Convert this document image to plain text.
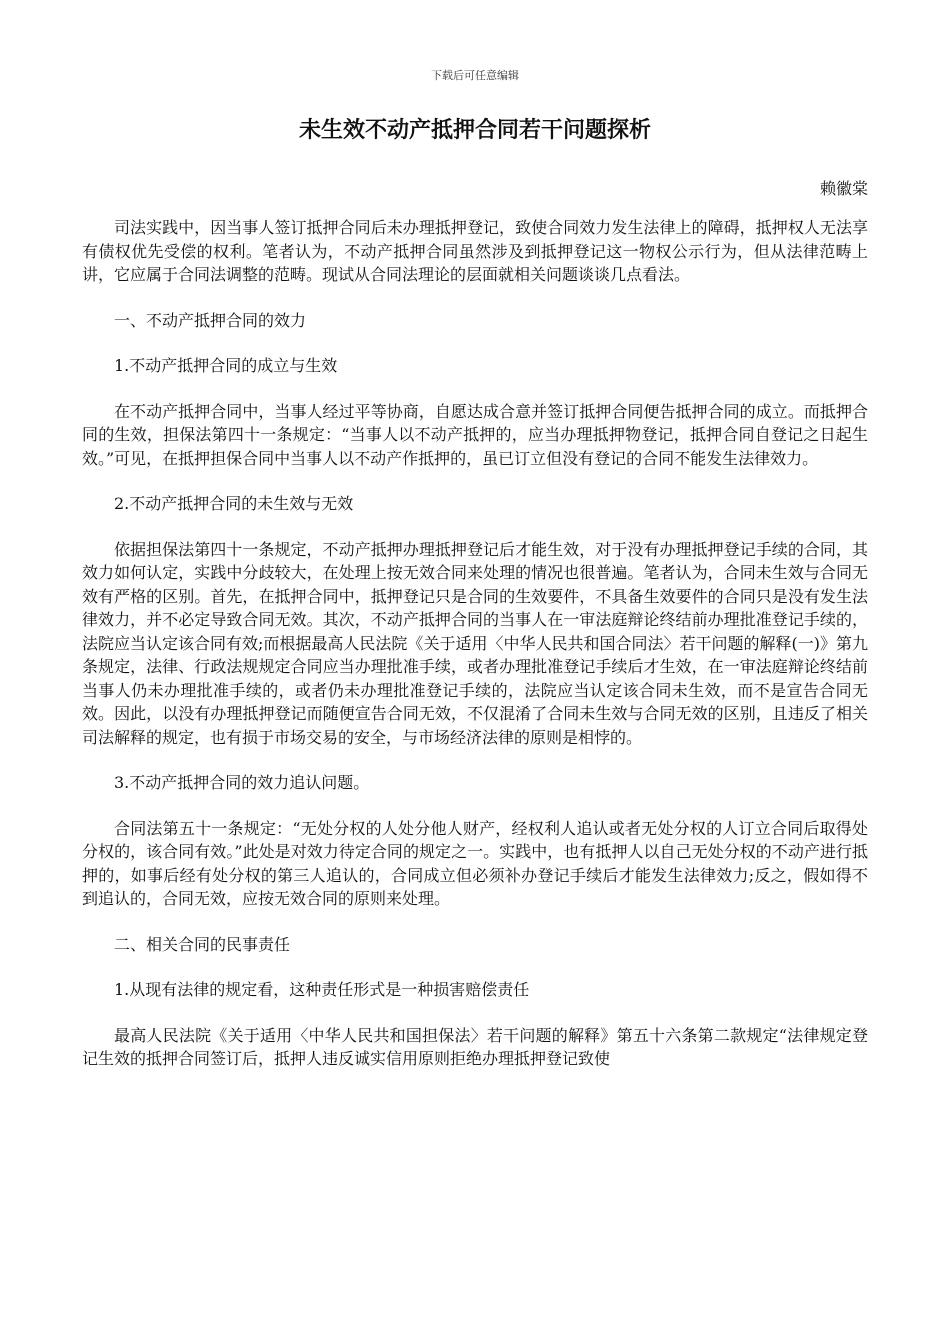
下载后可任意编辑
未生效不动产抵押合同若干问题探析
赖徽棠

司法实践中，因当事人签订抵押合同后未办理抵押登记，致使合同效力发生法律上的障碍，抵押权人无法享有债权优先受偿的权利。笔者认为，不动产抵押合同虽然涉及到抵押登记这一物权公示行为，但从法律范畴上讲，它应属于合同法调整的范畴。现试从合同法理论的层面就相关问题谈谈几点看法。

一、不动产抵押合同的效力

1.不动产抵押合同的成立与生效

在不动产抵押合同中，当事人经过平等协商，自愿达成合意并签订抵押合同便告抵押合同的成立。而抵押合同的生效，担保法第四十一条规定：“当事人以不动产抵押的，应当办理抵押物登记，抵押合同自登记之日起生效。”可见，在抵押担保合同中当事人以不动产作抵押的，虽已订立但没有登记的合同不能发生法律效力。

2.不动产抵押合同的未生效与无效

依据担保法第四十一条规定，不动产抵押办理抵押登记后才能生效，对于没有办理抵押登记手续的合同，其效力如何认定，实践中分歧较大，在处理上按无效合同来处理的情况也很普遍。笔者认为，合同未生效与合同无效有严格的区别。首先，在抵押合同中，抵押登记只是合同的生效要件，不具备生效要件的合同只是没有发生法律效力，并不必定导致合同无效。其次，不动产抵押合同的当事人在一审法庭辩论终结前办理批准登记手续的，法院应当认定该合同有效;而根据最高人民法院《关于适用〈中华人民共和国合同法〉若干问题的解释(一)》第九条规定，法律、行政法规规定合同应当办理批准手续，或者办理批准登记手续后才生效，在一审法庭辩论终结前当事人仍未办理批准手续的，或者仍未办理批准登记手续的，法院应当认定该合同未生效，而不是宣告合同无效。因此，以没有办理抵押登记而随便宣告合同无效，不仅混淆了合同未生效与合同无效的区别，且违反了相关司法解释的规定，也有损于市场交易的安全，与市场经济法律的原则是相悖的。

3.不动产抵押合同的效力追认问题。

合同法第五十一条规定：“无处分权的人处分他人财产，经权利人追认或者无处分权的人订立合同后取得处分权的，该合同有效。”此处是对效力待定合同的规定之一。实践中，也有抵押人以自己无处分权的不动产进行抵押的，如事后经有处分权的第三人追认的，合同成立但必须补办登记手续后才能发生法律效力;反之，假如得不到追认的，合同无效，应按无效合同的原则来处理。

二、相关合同的民事责任

1.从现有法律的规定看，这种责任形式是一种损害赔偿责任

最高人民法院《关于适用〈中华人民共和国担保法〉若干问题的解释》第五十六条第二款规定“法律规定登记生效的抵押合同签订后，抵押人违反诚实信用原则拒绝办理抵押登记致使
